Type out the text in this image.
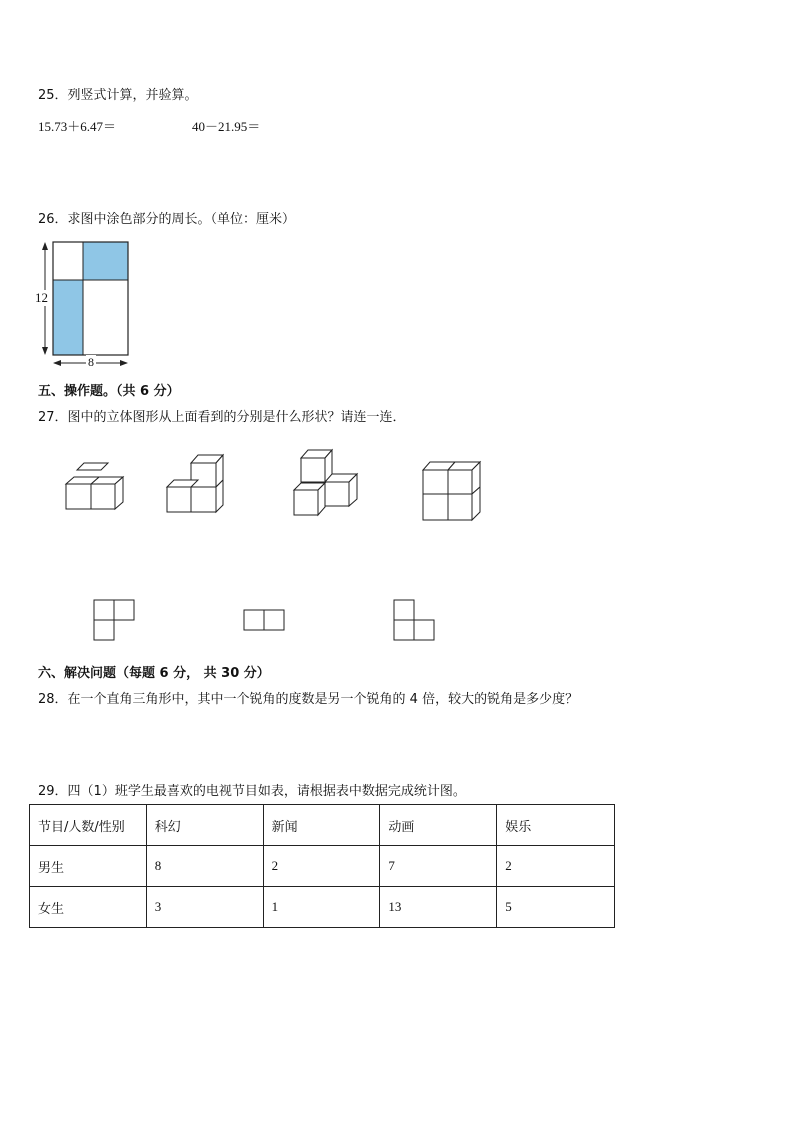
25．列竖式计算，并验算。
15.73＋6.47＝	40－21.95＝
26．求图中涂色部分的周长。（单位：厘米）
12
8
五、操作题。（共 6 分）
27．图中的立体图形从上面看到的分别是什么形状？请连一连．
六、解决问题（每题 6 分， 共 30 分）
28．在一个直角三角形中，其中一个锐角的度数是另一个锐角的 4 倍，较大的锐角是多少度？
29．四（1）班学生最喜欢的电视节目如表，请根据表中数据完成统计图。
节目/人数/性别	科幻	新闻	动画	娱乐
男生	8	2	7	2
女生	3	1	13	5
